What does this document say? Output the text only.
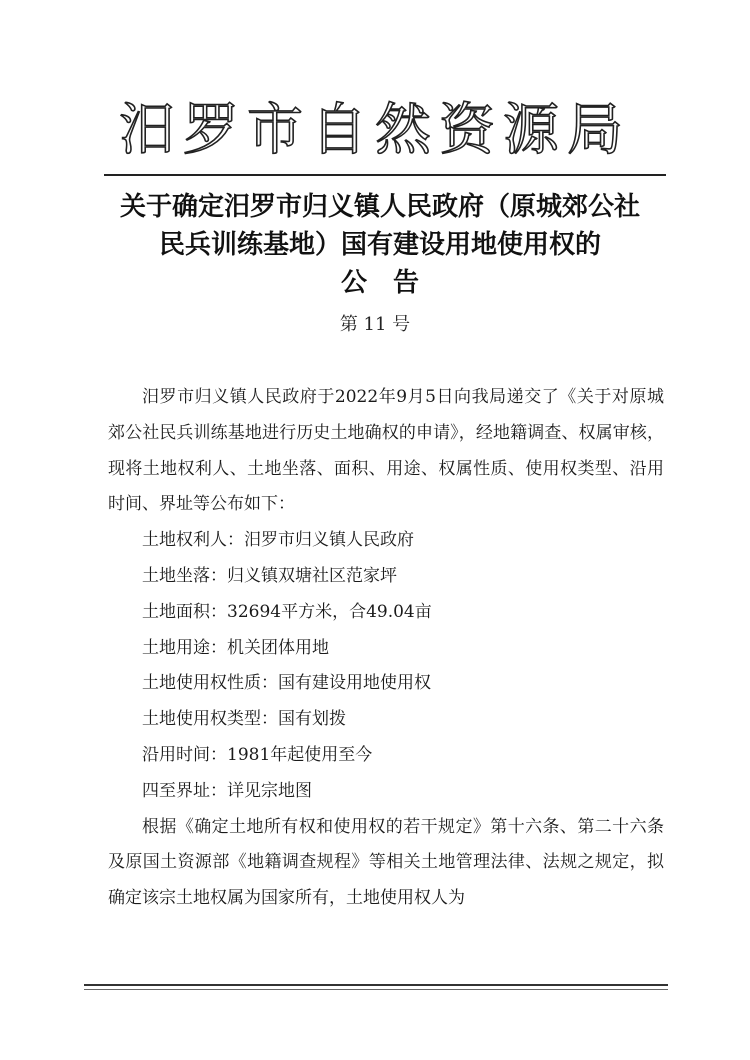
汨罗市自然资源局
关于确定汨罗市归义镇人民政府（原城郊公社
民兵训练基地）国有建设用地使用权的
公告
第 11 号

汨罗市归义镇人民政府于2022年9月5日向我局递交了《关于对原城郊公社民兵训练基地进行历史土地确权的申请》，经地籍调查、权属审核，现将土地权利人、土地坐落、面积、用途、权属性质、使用权类型、沿用时间、界址等公布如下：

土地权利人：汨罗市归义镇人民政府
土地坐落：归义镇双塘社区范家坪
土地面积：32694平方米，合49.04亩
土地用途：机关团体用地
土地使用权性质：国有建设用地使用权
土地使用权类型：国有划拨
沿用时间：1981年起使用至今
四至界址：详见宗地图

根据《确定土地所有权和使用权的若干规定》第十六条、第二十六条及原国土资源部《地籍调查规程》等相关土地管理法律、法规之规定，拟确定该宗土地权属为国家所有，土地使用权人为
